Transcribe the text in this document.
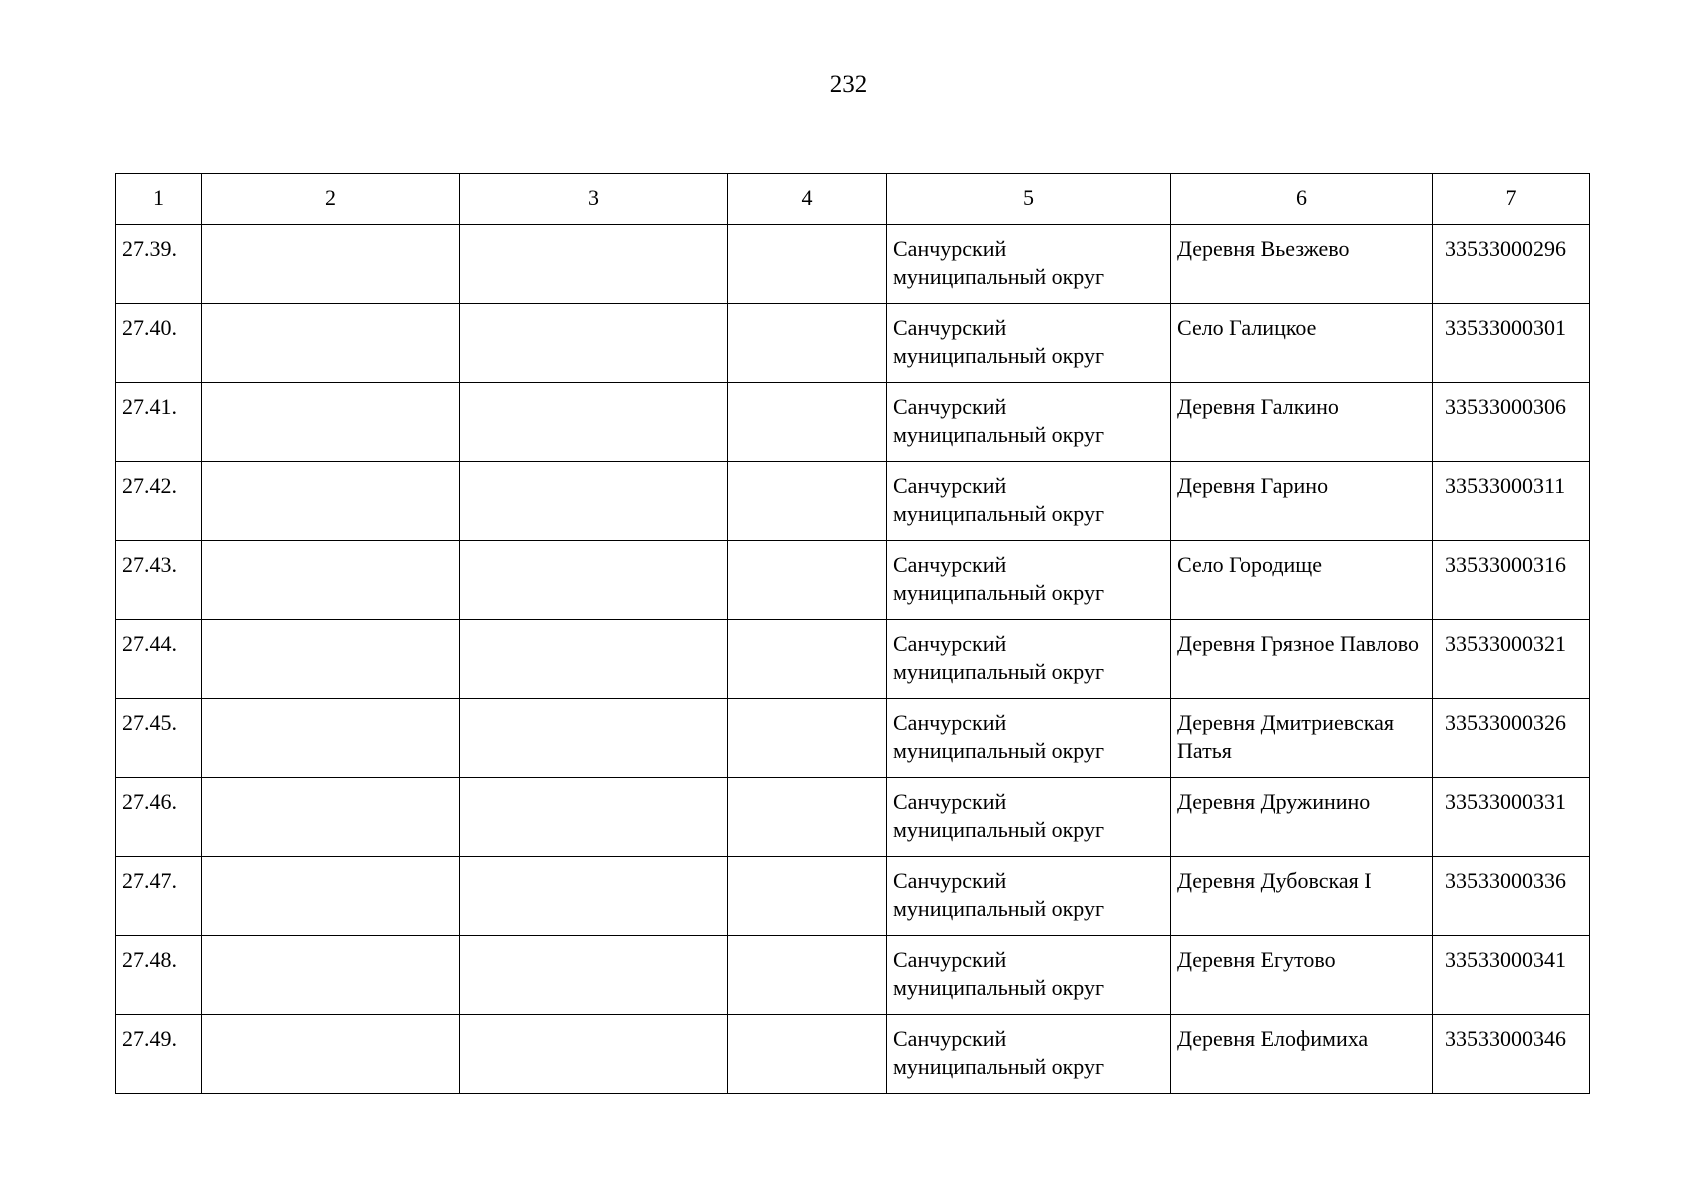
232
1	2	3	4	5	6	7
27.39.				Санчурский муниципальный округ	Деревня Вьезжево	33533000296
27.40.				Санчурский муниципальный округ	Село Галицкое	33533000301
27.41.				Санчурский муниципальный округ	Деревня Галкино	33533000306
27.42.				Санчурский муниципальный округ	Деревня Гарино	33533000311
27.43.				Санчурский муниципальный округ	Село Городище	33533000316
27.44.				Санчурский муниципальный округ	Деревня Грязное Павлово	33533000321
27.45.				Санчурский муниципальный округ	Деревня Дмитриевская Патья	33533000326
27.46.				Санчурский муниципальный округ	Деревня Дружинино	33533000331
27.47.				Санчурский муниципальный округ	Деревня Дубовская I	33533000336
27.48.				Санчурский муниципальный округ	Деревня Егутово	33533000341
27.49.				Санчурский муниципальный округ	Деревня Елофимиха	33533000346
